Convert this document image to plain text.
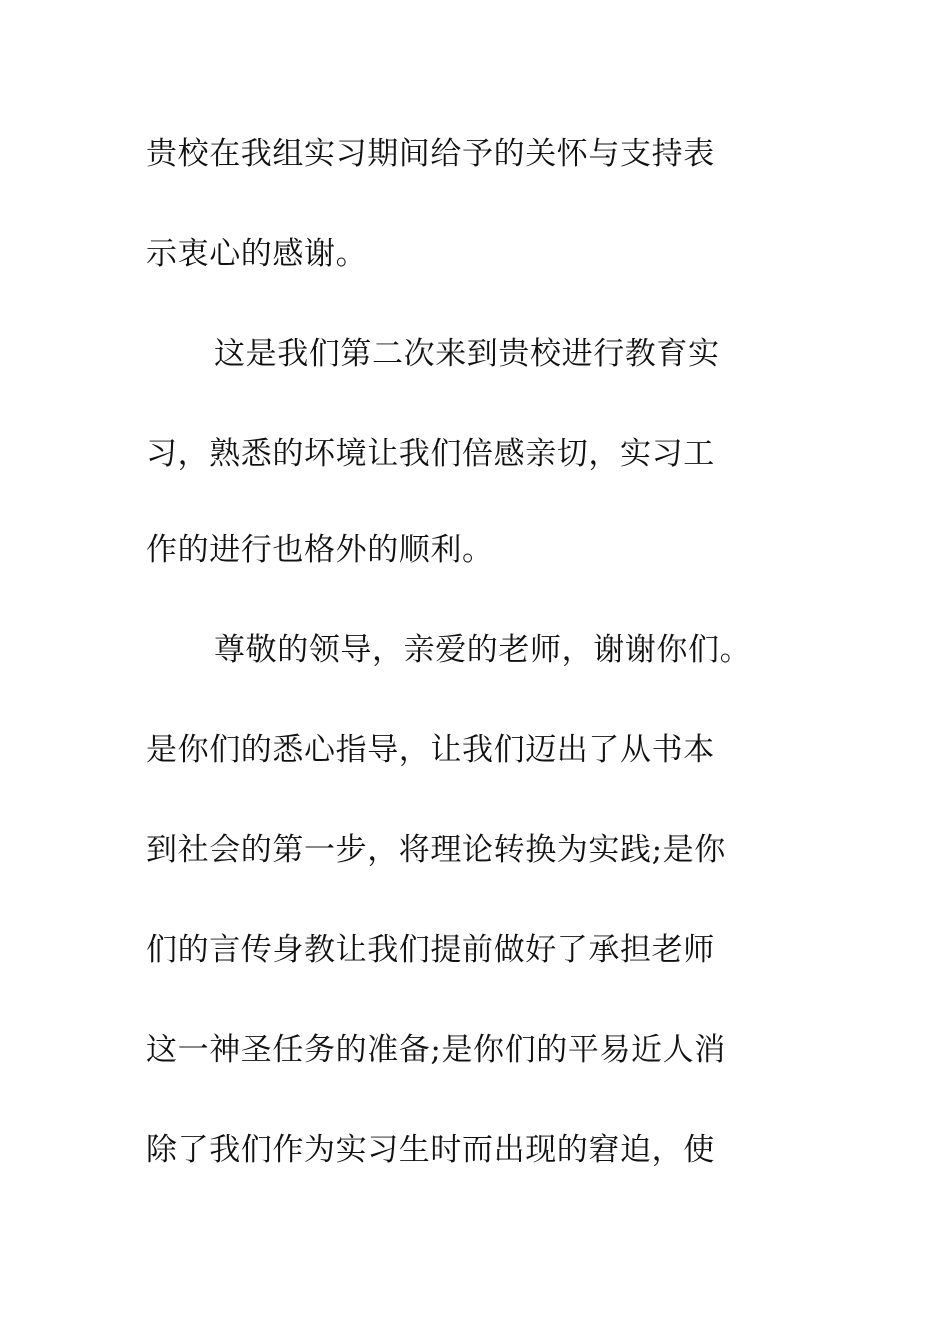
贵校在我组实习期间给予的关怀与支持表
示衷心的感谢。
这是我们第二次来到贵校进行教育实
习，熟悉的坏境让我们倍感亲切，实习工
作的进行也格外的顺利。
尊敬的领导，亲爱的老师，谢谢你们。
是你们的悉心指导，让我们迈出了从书本
到社会的第一步，将理论转换为实践;是你
们的言传身教让我们提前做好了承担老师
这一神圣任务的准备;是你们的平易近人消
除了我们作为实习生时而出现的窘迫，使
